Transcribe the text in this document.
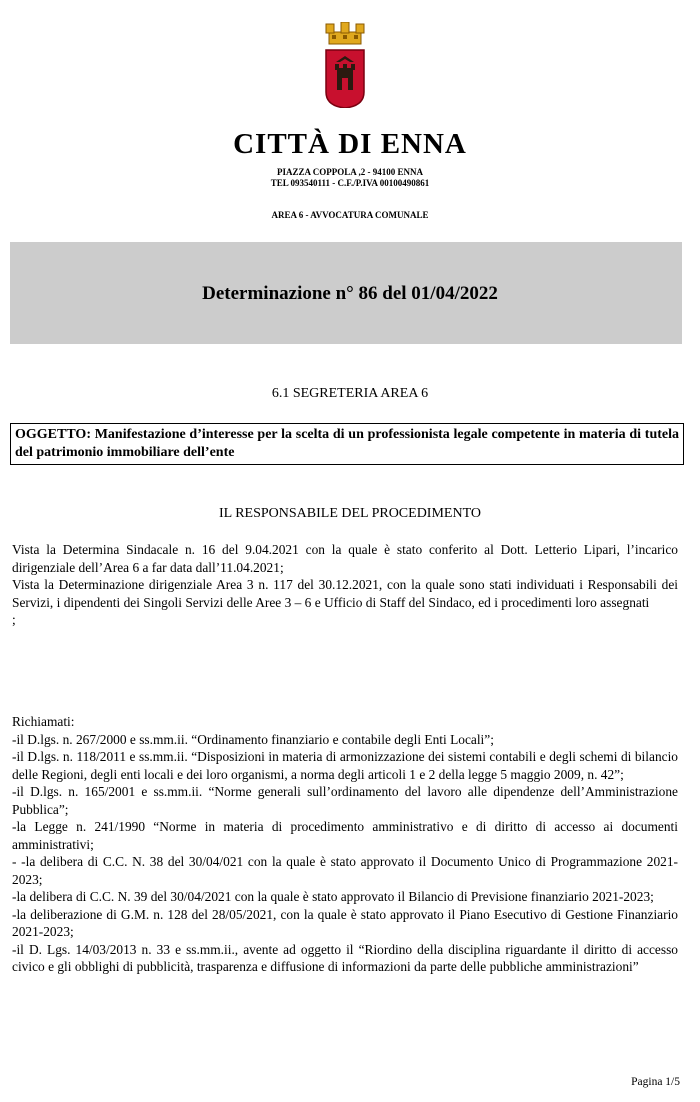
CITTÀ DI ENNA
PIAZZA COPPOLA ,2 - 94100 ENNA
TEL 093540111 - C.F./P.IVA 00100490861
AREA 6 - AVVOCATURA COMUNALE
Determinazione n° 86 del 01/04/2022
6.1 SEGRETERIA AREA 6
OGGETTO: Manifestazione d’interesse per la scelta di un professionista legale competente in materia di tutela del patrimonio immobiliare dell’ente
IL RESPONSABILE DEL PROCEDIMENTO
Vista la Determina Sindacale n. 16 del 9.04.2021 con la quale è stato conferito al Dott. Letterio Lipari, l’incarico dirigenziale dell’Area 6 a far data dall’11.04.2021;
Vista la Determinazione dirigenziale Area 3 n. 117 del 30.12.2021, con la quale sono stati individuati i Responsabili dei Servizi, i dipendenti dei Singoli Servizi delle Aree 3 – 6 e Ufficio di Staff del Sindaco, ed i procedimenti loro assegnati
;
Richiamati:
-il D.lgs. n. 267/2000 e ss.mm.ii. “Ordinamento finanziario e contabile degli Enti Locali”;
-il D.lgs. n. 118/2011 e ss.mm.ii. “Disposizioni in materia di armonizzazione dei sistemi contabili e degli schemi di bilancio delle Regioni, degli enti locali e dei loro organismi, a norma degli articoli 1 e 2 della legge 5 maggio 2009, n. 42”;
-il D.lgs. n. 165/2001 e ss.mm.ii. “Norme generali sull’ordinamento del lavoro alle dipendenze dell’Amministrazione Pubblica”;
-la Legge n. 241/1990 “Norme in materia di procedimento amministrativo e di diritto di accesso ai documenti amministrativi;
- -la delibera di C.C. N. 38 del 30/04/021 con la quale è stato approvato il Documento Unico di Programmazione 2021-2023;
-la delibera di C.C. N. 39 del 30/04/2021 con la quale è stato approvato il Bilancio di Previsione finanziario 2021-2023;
-la deliberazione di G.M. n. 128 del 28/05/2021, con la quale è stato approvato il Piano Esecutivo di Gestione Finanziario 2021-2023;
-il D. Lgs. 14/03/2013 n. 33 e ss.mm.ii., avente ad oggetto il “Riordino della disciplina riguardante il diritto di accesso civico e gli obblighi di pubblicità, trasparenza e diffusione di informazioni da parte delle pubbliche amministrazioni”
Pagina 1/5
